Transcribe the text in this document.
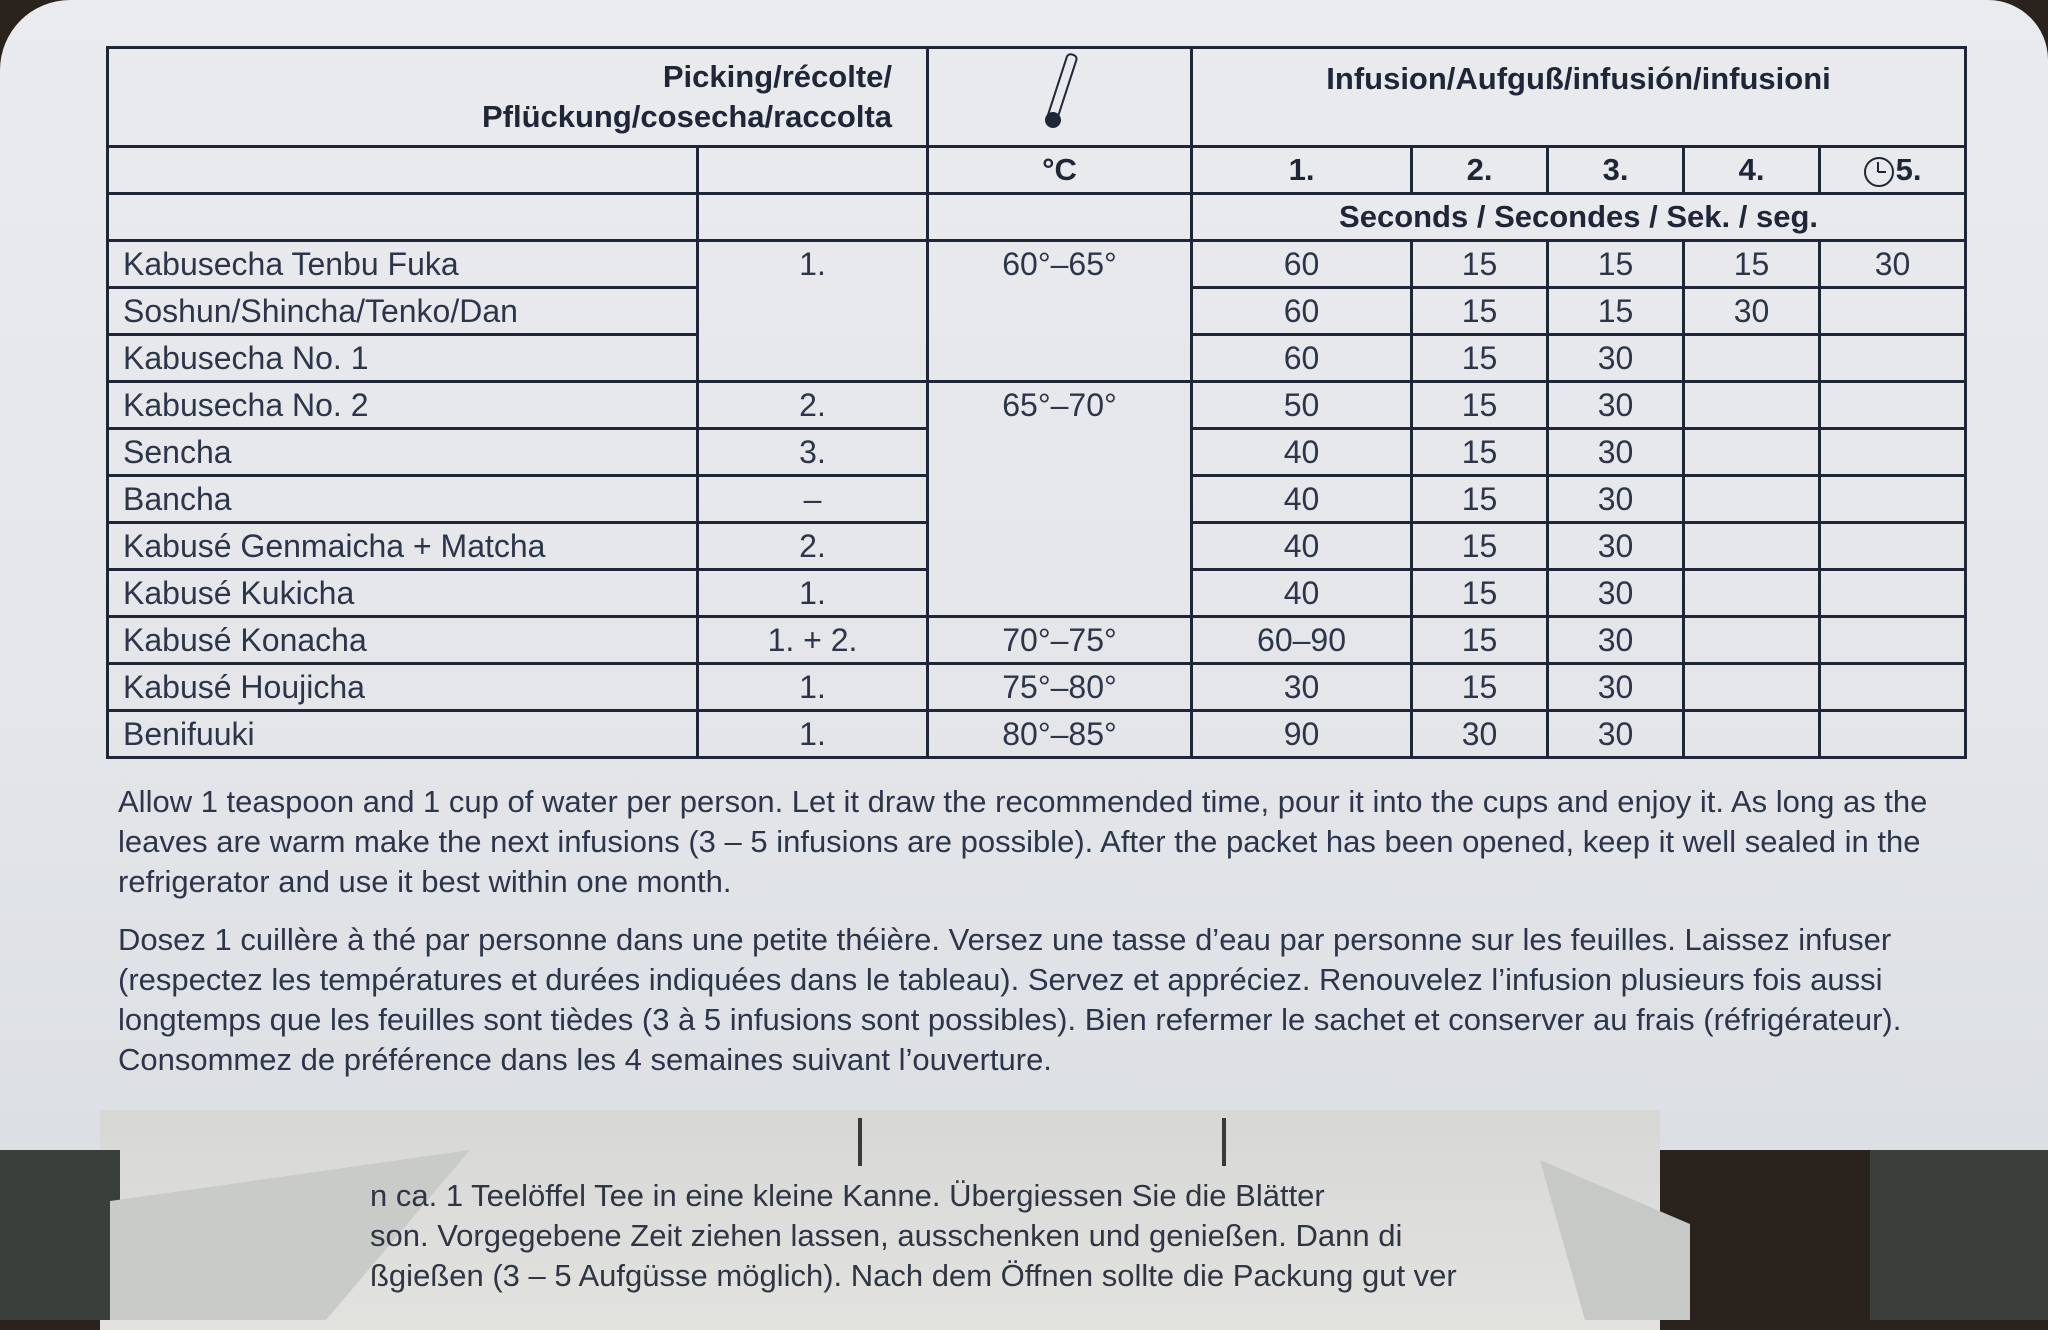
Picking/récolte/
Pflückung/cosecha/raccolta			Infusion/Aufguß/infusión/infusioni				
		°C	1.	2.	3.	4.	5.
			Seconds / Secondes / Sek. / seg.				
Kabusecha Tenbu Fuka	1.	60°–65°	60	15	15	15	30
Soshun/Shincha/Tenko/Dan			60	15	15	30	
Kabusecha No. 1			60	15	30		
Kabusecha No. 2	2.	65°–70°	50	15	30		
Sencha	3.		40	15	30		
Bancha	–		40	15	30		
Kabusé Genmaicha + Matcha	2.		40	15	30		
Kabusé Kukicha	1.		40	15	30		
Kabusé Konacha	1. + 2.	70°–75°	60–90	15	30		
Kabusé Houjicha	1.	75°–80°	30	15	30		
Benifuuki	1.	80°–85°	90	30	30		

Allow 1 teaspoon and 1 cup of water per person. Let it draw the recommended time, pour it into the cups and enjoy it. As long as the leaves are warm make the next infusions (3 – 5 infusions are possible). After the packet has been opened, keep it well sealed in the refrigerator and use it best within one month.

Dosez 1 cuillère à thé par personne dans une petite théière. Versez une tasse d’eau par personne sur les feuilles. Laissez infuser (respectez les températures et durées indiquées dans le tableau). Servez et appréciez. Renouvelez l’infusion plusieurs fois aussi longtemps que les feuilles sont tièdes (3 à 5 infusions sont possibles). Bien refermer le sachet et conserver au frais (réfrigérateur). Consommez de préférence dans les 4 semaines suivant l’ouverture.

n ca. 1 Teelöffel Tee in eine kleine Kanne. Übergiessen Sie die Blätter
son. Vorgegebene Zeit ziehen lassen, ausschenken und genießen. Dann di
ßgießen (3 – 5 Aufgüsse möglich). Nach dem Öffnen sollte die Packung gut ver
